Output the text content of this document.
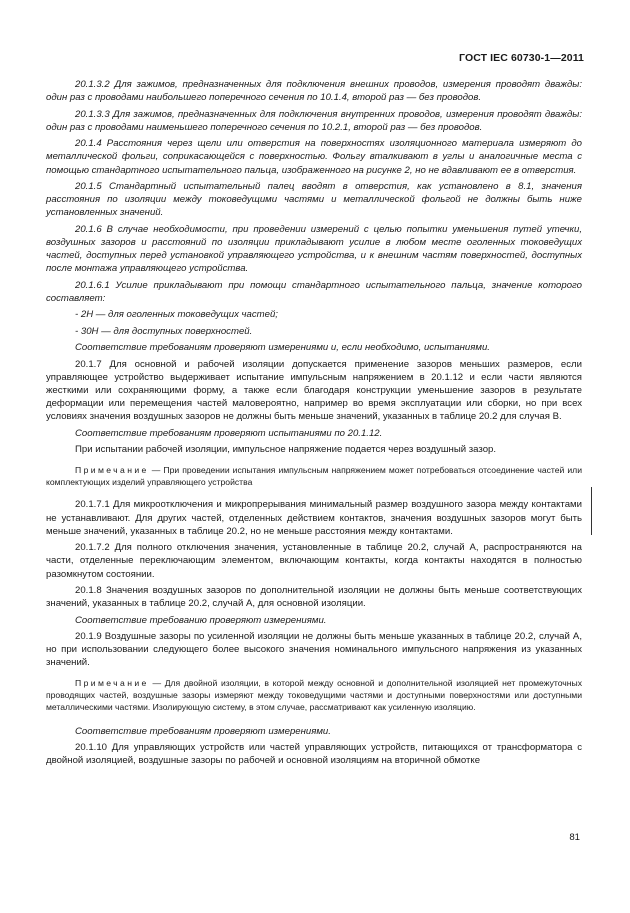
ГОСТ IEC 60730-1—2011

20.1.3.2 Для зажимов, предназначенных для подключения внешних проводов, измерения проводят дважды: один раз с проводами наибольшего поперечного сечения по 10.1.4, второй раз — без проводов.

20.1.3.3 Для зажимов, предназначенных для подключения внутренних проводов, измерения проводят дважды: один раз с проводами наименьшего поперечного сечения по 10.2.1, второй раз — без проводов.

20.1.4 Расстояния через щели или отверстия на поверхностях изоляционного материала измеряют до металлической фольги, соприкасающейся с поверхностью. Фольгу вталкивают в углы и аналогичные места с помощью стандартного испытательного пальца, изображенного на рисунке 2, но не вдавливают ее в отверстия.

20.1.5 Стандартный испытательный палец вводят в отверстия, как установлено в 8.1, значения расстояния по изоляции между токоведущими частями и металлической фольгой не должны быть ниже установленных значений.

20.1.6 В случае необходимости, при проведении измерений с целью попытки уменьшения путей утечки, воздушных зазоров и расстояний по изоляции прикладывают усилие в любом месте оголенных токоведущих частей, доступных перед установкой управляющего устройства, и к внешним частям поверхностей, доступных после монтажа управляющего устройства.

20.1.6.1 Усилие прикладывают при помощи стандартного испытательного пальца, значение которого составляет:

- 2Н — для оголенных токоведущих частей;

- 30Н — для доступных поверхностей.

Соответствие требованиям проверяют измерениями и, если необходимо, испытаниями.

20.1.7 Для основной и рабочей изоляции допускается применение зазоров меньших размеров, если управляющее устройство выдерживает испытание импульсным напряжением в 20.1.12 и если части являются жесткими или сохраняющими форму, а также если благодаря конструкции уменьшение зазоров в результате деформации или перемещения частей маловероятно, например во время эксплуатации или сборки, но при всех условиях значения воздушных зазоров не должны быть меньше значений, указанных в таблице 20.2 для случая В.

Соответствие требованиям проверяют испытаниями по 20.1.12.

При испытании рабочей изоляции, импульсное напряжение подается через воздушный зазор.

Примечание — При проведении испытания импульсным напряжением может потребоваться отсоединение частей или комплектующих изделий управляющего устройства

20.1.7.1 Для микроотключения и микропрерывания минимальный размер воздушного зазора между контактами не устанавливают. Для других частей, отделенных действием контактов, значения воздушных зазоров могут быть меньше значений, указанных в таблице 20.2, но не меньше расстояния между контактами.

20.1.7.2 Для полного отключения значения, установленные в таблице 20.2, случай А, распространяются на части, отделенные переключающим элементом, включающим контакты, когда контакты находятся в полностью разомкнутом состоянии.

20.1.8 Значения воздушных зазоров по дополнительной изоляции не должны быть меньше соответствующих значений, указанных в таблице 20.2, случай А, для основной изоляции.

Соответствие требованию проверяют измерениями.

20.1.9 Воздушные зазоры по усиленной изоляции не должны быть меньше указанных в таблице 20.2, случай А, но при использовании следующего более высокого значения номинального импульсного напряжения из указанных значений.

Примечание — Для двойной изоляции, в которой между основной и дополнительной изоляцией нет промежуточных проводящих частей, воздушные зазоры измеряют между токоведущими частями и доступными поверхностями или доступными металлическими частями. Изолирующую систему, в этом случае, рассматривают как усиленную изоляцию.

Соответствие требованиям проверяют измерениями.

20.1.10 Для управляющих устройств или частей управляющих устройств, питающихся от трансформатора с двойной изоляцией, воздушные зазоры по рабочей и основной изоляциям на вторичной обмотке

81
